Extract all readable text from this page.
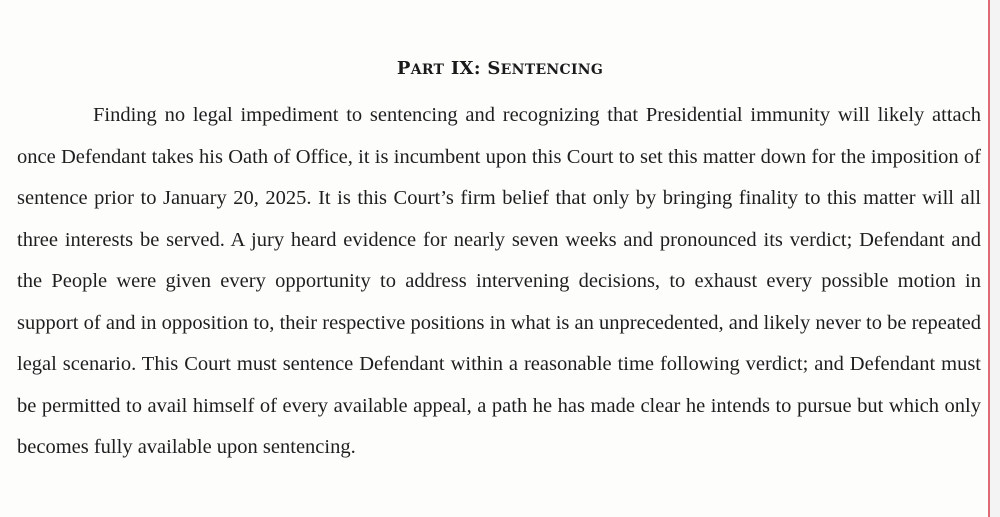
PART IX: SENTENCING

Finding no legal impediment to sentencing and recognizing that Presidential immunity will likely attach once Defendant takes his Oath of Office, it is incumbent upon this Court to set this matter down for the imposition of sentence prior to January 20, 2025. It is this Court’s firm belief that only by bringing finality to this matter will all three interests be served. A jury heard evidence for nearly seven weeks and pronounced its verdict; Defendant and the People were given every opportunity to address intervening decisions, to exhaust every possible motion in support of and in opposition to, their respective positions in what is an unprecedented, and likely never to be repeated legal scenario. This Court must sentence Defendant within a reasonable time following verdict; and Defendant must be permitted to avail himself of every available appeal, a path he has made clear he intends to pursue but which only becomes fully available upon sentencing.
